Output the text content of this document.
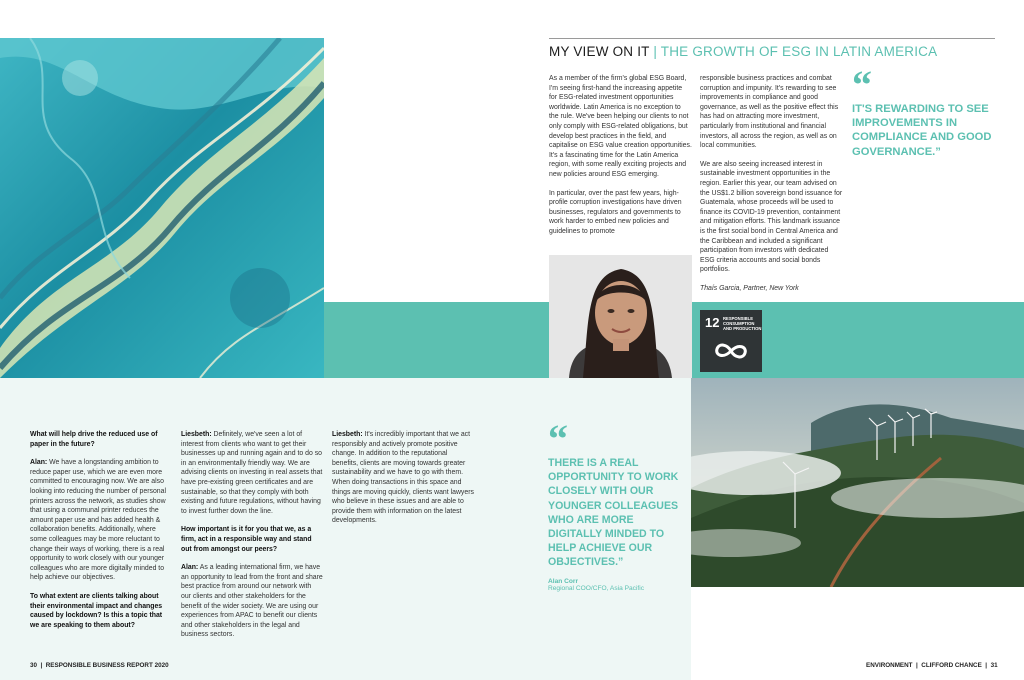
MY VIEW ON IT | THE GROWTH OF ESG IN LATIN AMERICA

As a member of the firm's global ESG Board, I'm seeing first-hand the increasing appetite for ESG-related investment opportunities worldwide. Latin America is no exception to the rule. We've been helping our clients to not only comply with ESG-related obligations, but develop best practices in the field, and capitalise on ESG value creation opportunities. It's a fascinating time for the Latin America region, with some really exciting projects and new policies around ESG emerging.

In particular, over the past few years, high-profile corruption investigations have driven businesses, regulators and governments to work harder to embed new policies and guidelines to promote

responsible business practices and combat corruption and impunity. It's rewarding to see improvements in compliance and good governance, as well as the positive effect this has had on attracting more investment, particularly from institutional and financial investors, all across the region, as well as on local communities.

We are also seeing increased interest in sustainable investment opportunities in the region. Earlier this year, our team advised on the US$1.2 billion sovereign bond issuance for Guatemala, whose proceeds will be used to finance its COVID-19 prevention, containment and mitigation efforts. This landmark issuance is the first social bond in Central America and the Caribbean and included a significant participation from investors with dedicated ESG criteria accounts and social bonds portfolios.

Thaís Garcia, Partner, New York

“
IT'S REWARDING TO SEE IMPROVEMENTS IN COMPLIANCE AND GOOD GOVERNANCE.”
12 RESPONSIBLE
CONSUMPTION
AND PRODUCTION

What will help drive the reduced use of paper in the future?

Alan: We have a longstanding ambition to reduce paper use, which we are even more committed to encouraging now. We are also looking into reducing the number of personal printers across the network, as studies show that using a communal printer reduces the amount paper use and has added health & collaboration benefits. Additionally, where some colleagues may be more reluctant to change their ways of working, there is a real opportunity to work closely with our younger colleagues who are more digitally minded to help achieve our objectives.

To what extent are clients talking about their environmental impact and changes caused by lockdown? Is this a topic that we are speaking to them about?

Liesbeth: Definitely, we've seen a lot of interest from clients who want to get their businesses up and running again and to do so in an environmentally friendly way. We are advising clients on investing in real assets that have pre-existing green certificates and are sustainable, so that they comply with both existing and future regulations, without having to invest further down the line.

How important is it for you that we, as a firm, act in a responsible way and stand out from amongst our peers?

Alan: As a leading international firm, we have an opportunity to lead from the front and share best practice from around our network with our clients and other stakeholders for the benefit of the wider society. We are using our experiences from APAC to benefit our clients and other stakeholders in the legal and business sectors.

Liesbeth: It's incredibly important that we act responsibly and actively promote positive change. In addition to the reputational benefits, clients are moving towards greater sustainability and we have to go with them. When doing transactions in this space and things are moving quickly, clients want lawyers who believe in these issues and are able to provide them with information on the latest developments.

“
THERE IS A REAL OPPORTUNITY TO WORK CLOSELY WITH OUR YOUNGER COLLEAGUES WHO ARE MORE DIGITALLY MINDED TO HELP ACHIEVE OUR OBJECTIVES.”
Alan Corr
Regional COO/CFO, Asia Pacific
30  |  RESPONSIBLE BUSINESS REPORT 2020	ENVIRONMENT  |  CLIFFORD CHANCE  |  31
